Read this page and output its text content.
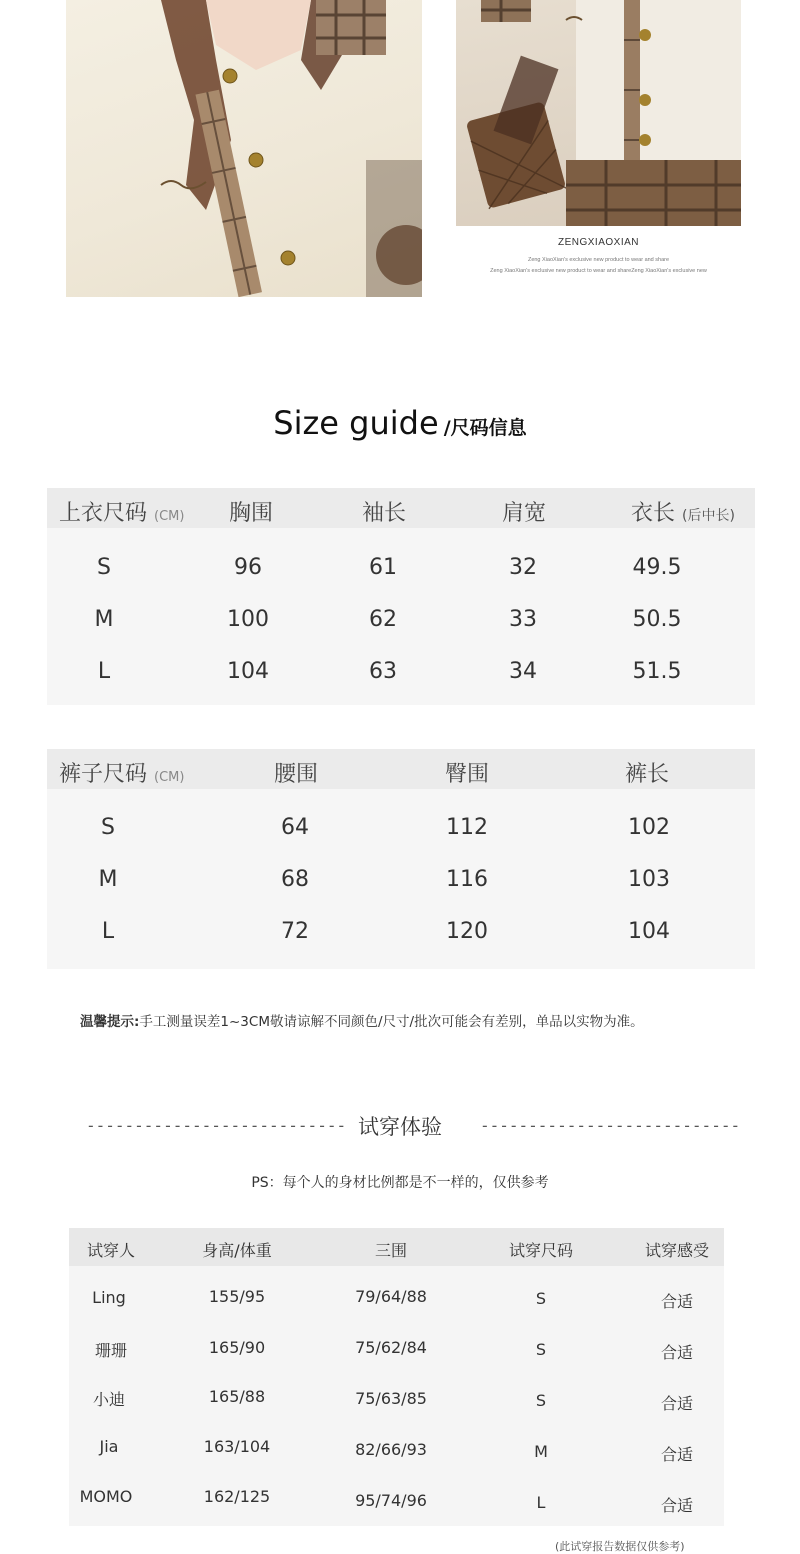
ZENGXIAOXIAN
Zeng XiaoXian's exclusive new product to wear and share
Zeng XiaoXian's exclusive new product to wear and shareZeng XiaoXian's exclusive new
Size guide /尺码信息
上衣尺码 (CM) 胸围	袖长	肩宽	衣长 (后中长)
S	96	61	32	49.5
M	100	62	33	50.5
L	104	63	34	51.5
裤子尺码 (CM)	腰围	臀围	裤长
S	64	112	102
M	68	116	103
L	72	120	104
温馨提示:手工测量误差1~3CM敬请谅解不同颜色/尺寸/批次可能会有差别，单品以实物为准。
--------------------------- 试穿体验	---------------------------
PS：每个人的身材比例都是不一样的，仅供参考
试穿人	身高/体重	三围	试穿尺码	试穿感受
Ling	155/95	79/64/88	S	合适
珊珊	165/90	75/62/84	S	合适
小迪	165/88	75/63/85	S	合适
Jia	163/104	82/66/93	M	合适
MOMO	162/125	95/74/96	L	合适
(此试穿报告数据仅供参考)
